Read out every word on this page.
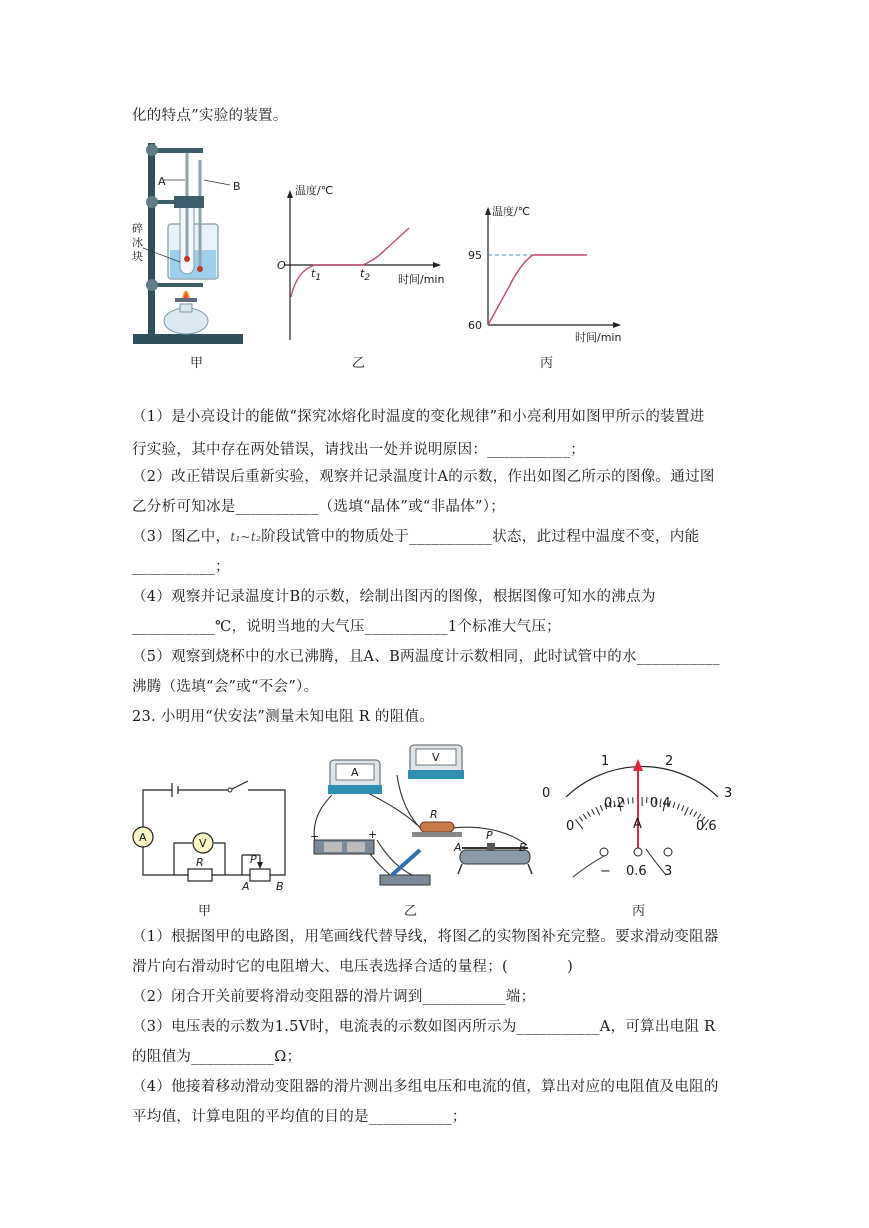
化的特点”实验的装置。
A	B
碎
冰
块
甲
温度/℃
O
$t_1$	$t_2$	时间/min
乙
温度/℃
95
60
时间/min
丙
（1）是小亮设计的能做“探究冰熔化时温度的变化规律”和小亮利用如图甲所示的装置进
行实验，其中存在两处错误，请找出一处并说明原因：___________；
（2）改正错误后重新实验，观察并记录温度计A的示数，作出如图乙所示的图像。通过图
乙分析可知冰是___________（选填“晶体”或“非晶体”）；
（3）图乙中，t₁~t₂阶段试管中的物质处于___________状态，此过程中温度不变，内能
___________；
（4）观察并记录温度计B的示数，绘制出图丙的图像，根据图像可知水的沸点为
___________℃，说明当地的大气压___________1个标准大气压；
（5）观察到烧杯中的水已沸腾，且A、B两温度计示数相同，此时试管中的水___________
沸腾（选填“会”或“不会”）。
23. 小明用“伏安法”测量未知电阻 R 的阻值。
A	V
R	P
A B
甲
A
V
R
A
P
B
−	+
乙
0
1	2
3
0
0.2 0.4
0.6
A
− 0.6 3
丙
（1）根据图甲的电路图，用笔画线代替导线，将图乙的实物图补充完整。要求滑动变阻器
滑片向右滑动时它的电阻增大、电压表选择合适的量程；(　　　　)
（2）闭合开关前要将滑动变阻器的滑片调到___________端；
（3）电压表的示数为1.5V时，电流表的示数如图丙所示为___________A，可算出电阻 R
的阻值为___________Ω；
（4）他接着移动滑动变阻器的滑片测出多组电压和电流的值，算出对应的电阻值及电阻的
平均值，计算电阻的平均值的目的是___________；
